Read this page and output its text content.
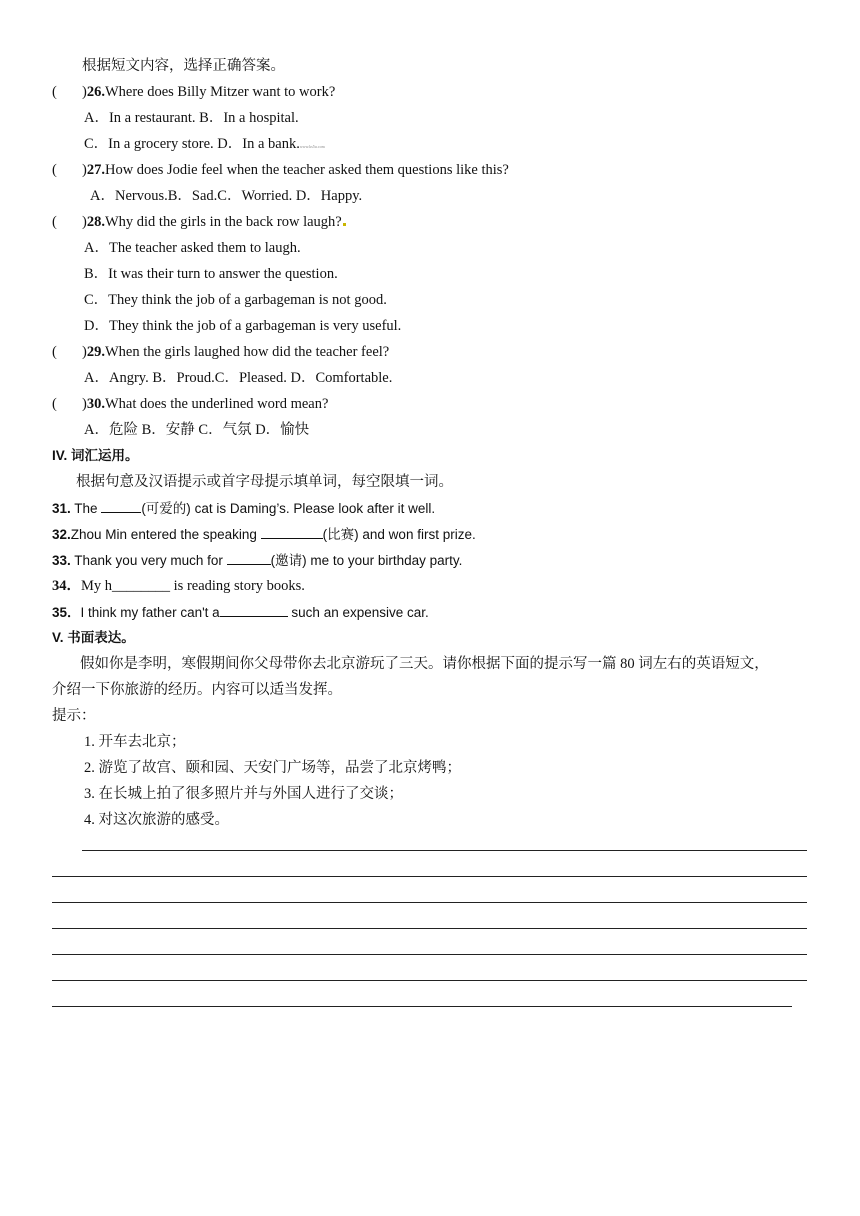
根据短文内容，选择正确答案。
( )26.Where does Billy Mitzer want to work?
A．In a restaurant. B．In a hospital.
C．In a grocery store. D．In a bank.www.ks5u.com
( )27.How does Jodie feel when the teacher asked them questions like this?
A．Nervous.B．Sad.C．Worried. D．Happy.
( )28.Why did the girls in the back row laugh?
A．The teacher asked them to laugh.
B．It was their turn to answer the question.
C．They think the job of a garbageman is not good.
D．They think the job of a garbageman is very useful.
( )29.When the girls laughed how did the teacher feel?
A．Angry. B．Proud.C．Pleased. D．Comfortable.
( )30.What does the underlined word mean?
A．危险 B．安静 C．气氛 D．愉快
IV. 词汇运用。
根据句意及汉语提示或首字母提示填单词，每空限填一词。
31. The	(可爱的) cat is Daming’s. Please look after it well.
32.Zhou Min entered the speaking	(比赛) and won first prize.
33. Thank you very much for	(邀请) me to your birthday party.
34．My h________ is reading story books.
35．I think my father can't a	such an expensive car.
V. 书面表达。
假如你是李明，寒假期间你父母带你去北京游玩了三天。请你根据下面的提示写一篇 80 词左右的英语短文，
介绍一下你旅游的经历。内容可以适当发挥。
提示：
1. 开车去北京；
2. 游览了故宫、颐和园、天安门广场等，品尝了北京烤鸭；
3. 在长城上拍了很多照片并与外国人进行了交谈；
4. 对这次旅游的感受。
